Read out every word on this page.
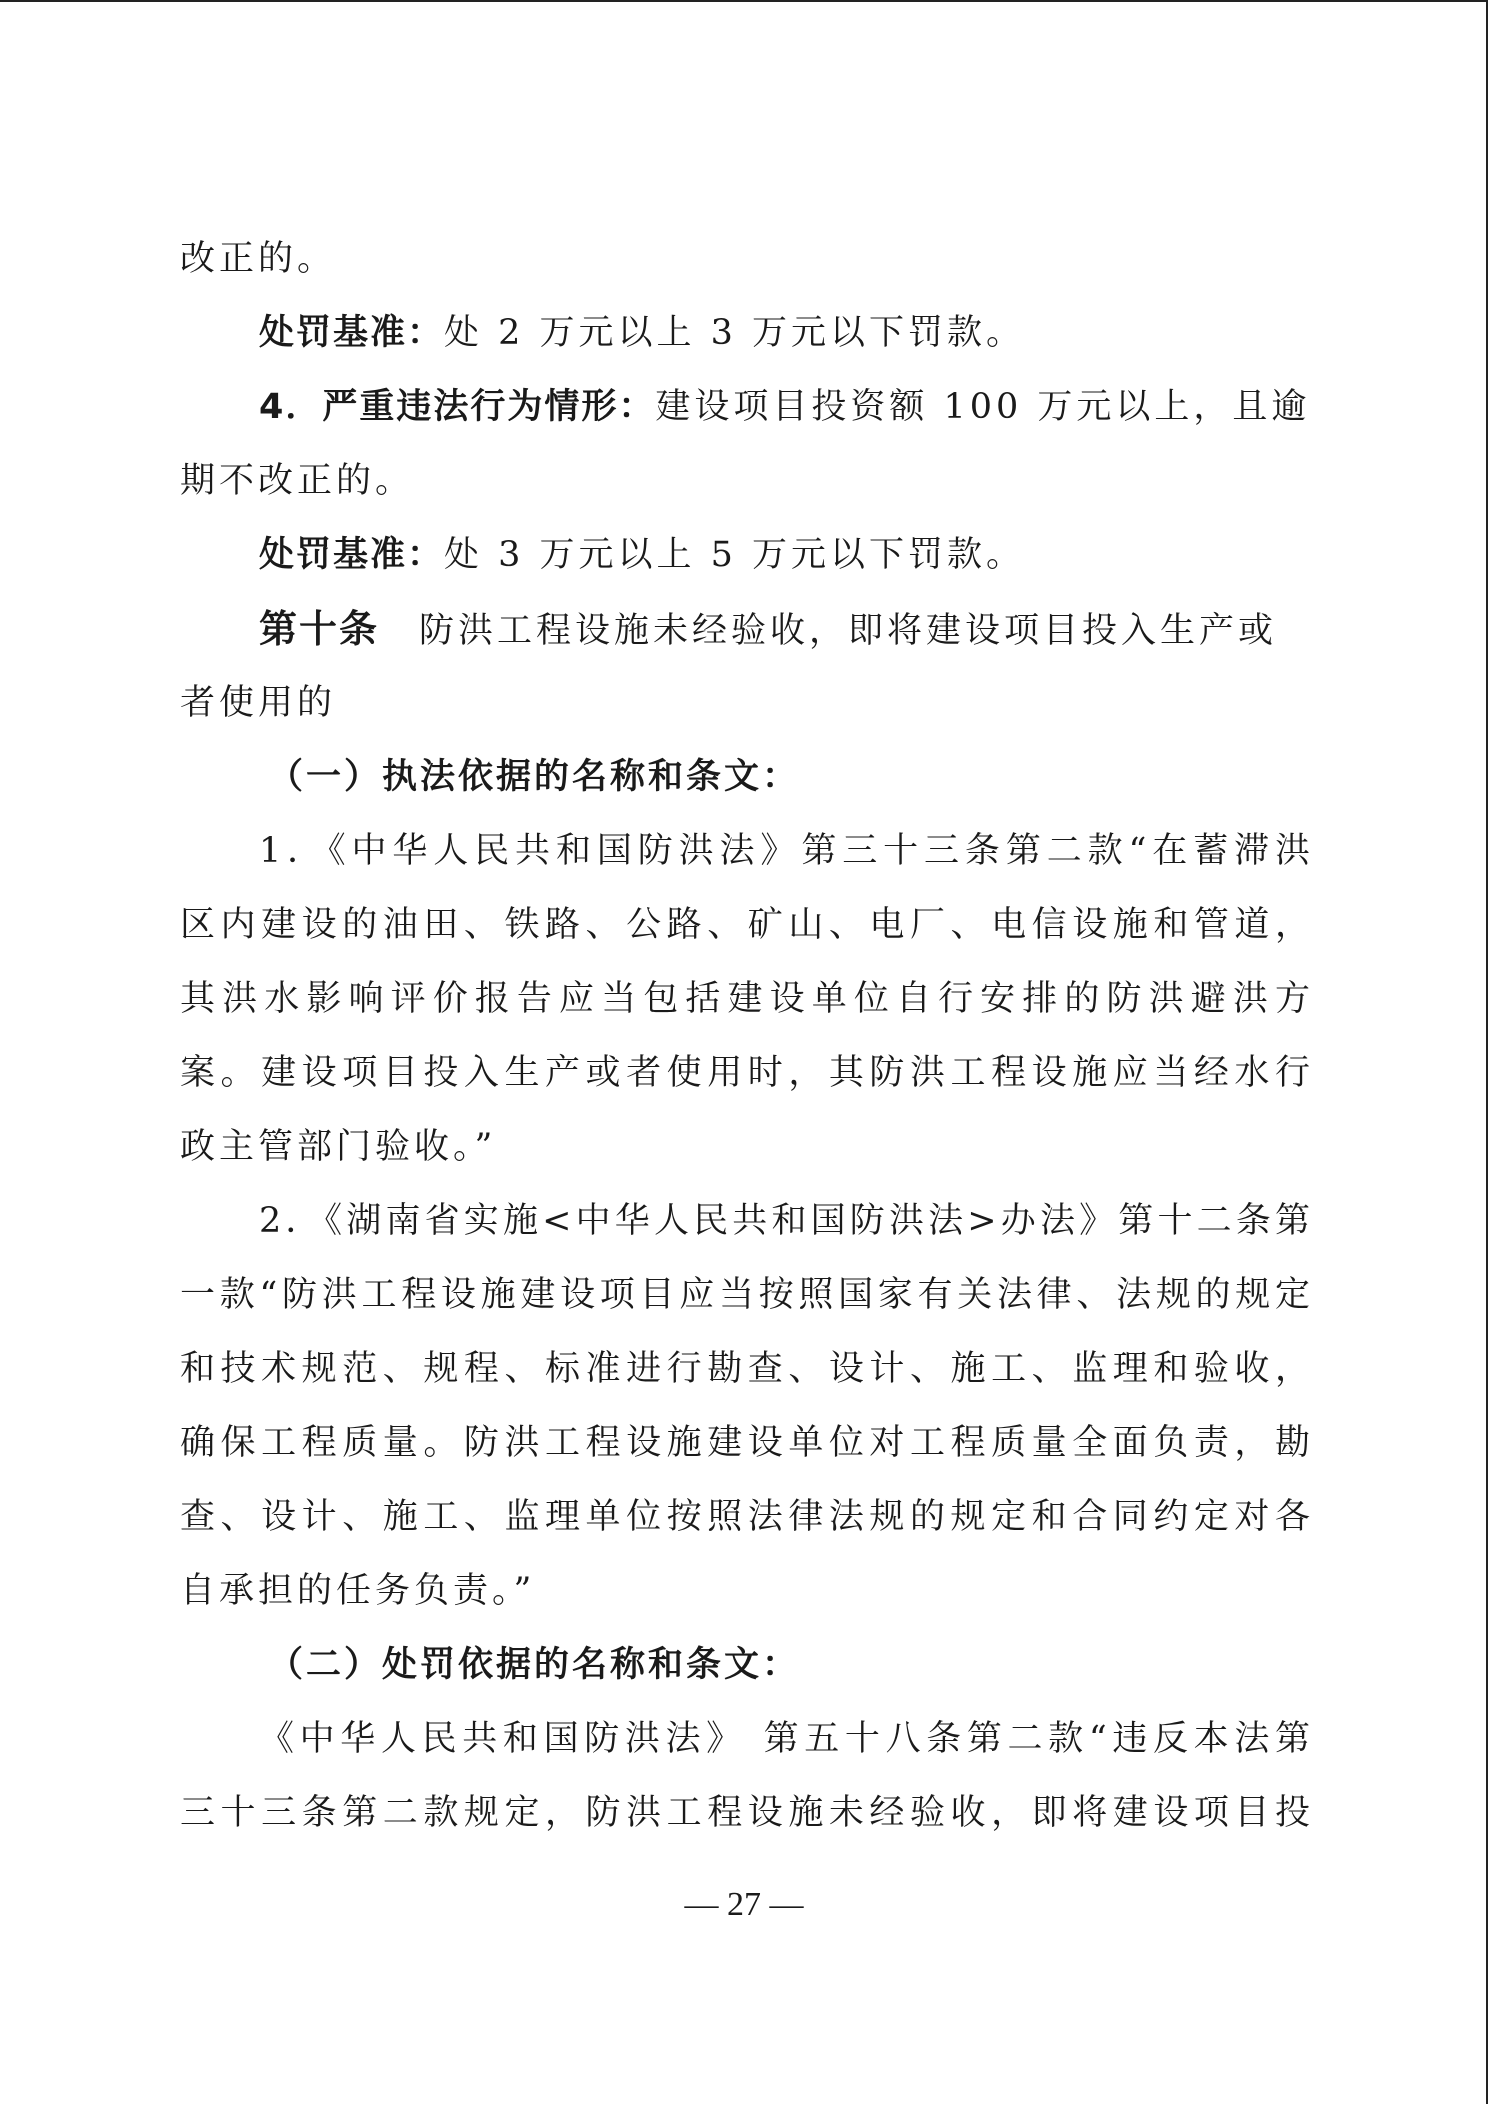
改正的。
处罚基准：处 2 万元以上 3 万元以下罚款。
4．严重违法行为情形：建设项目投资额 100 万元以上，且逾
期不改正的。
处罚基准：处 3 万元以上 5 万元以下罚款。
第十条 防洪工程设施未经验收，即将建设项目投入生产或
者使用的
（一）执法依据的名称和条文：
1．《中华人民共和国防洪法》第三十三条第二款“在蓄滞洪
区内建设的油田、铁路、公路、矿山、电厂、电信设施和管道，
其洪水影响评价报告应当包括建设单位自行安排的防洪避洪方
案。建设项目投入生产或者使用时，其防洪工程设施应当经水行
政主管部门验收。”
2．《湖南省实施<中华人民共和国防洪法>办法》第十二条第
一款“防洪工程设施建设项目应当按照国家有关法律、法规的规定
和技术规范、规程、标准进行勘查、设计、施工、监理和验收，
确保工程质量。防洪工程设施建设单位对工程质量全面负责，勘
查、设计、施工、监理单位按照法律法规的规定和合同约定对各
自承担的任务负责。”
（二）处罚依据的名称和条文：
《中华人民共和国防洪法》 第五十八条第二款“违反本法第
三十三条第二款规定，防洪工程设施未经验收，即将建设项目投
— 27 —
